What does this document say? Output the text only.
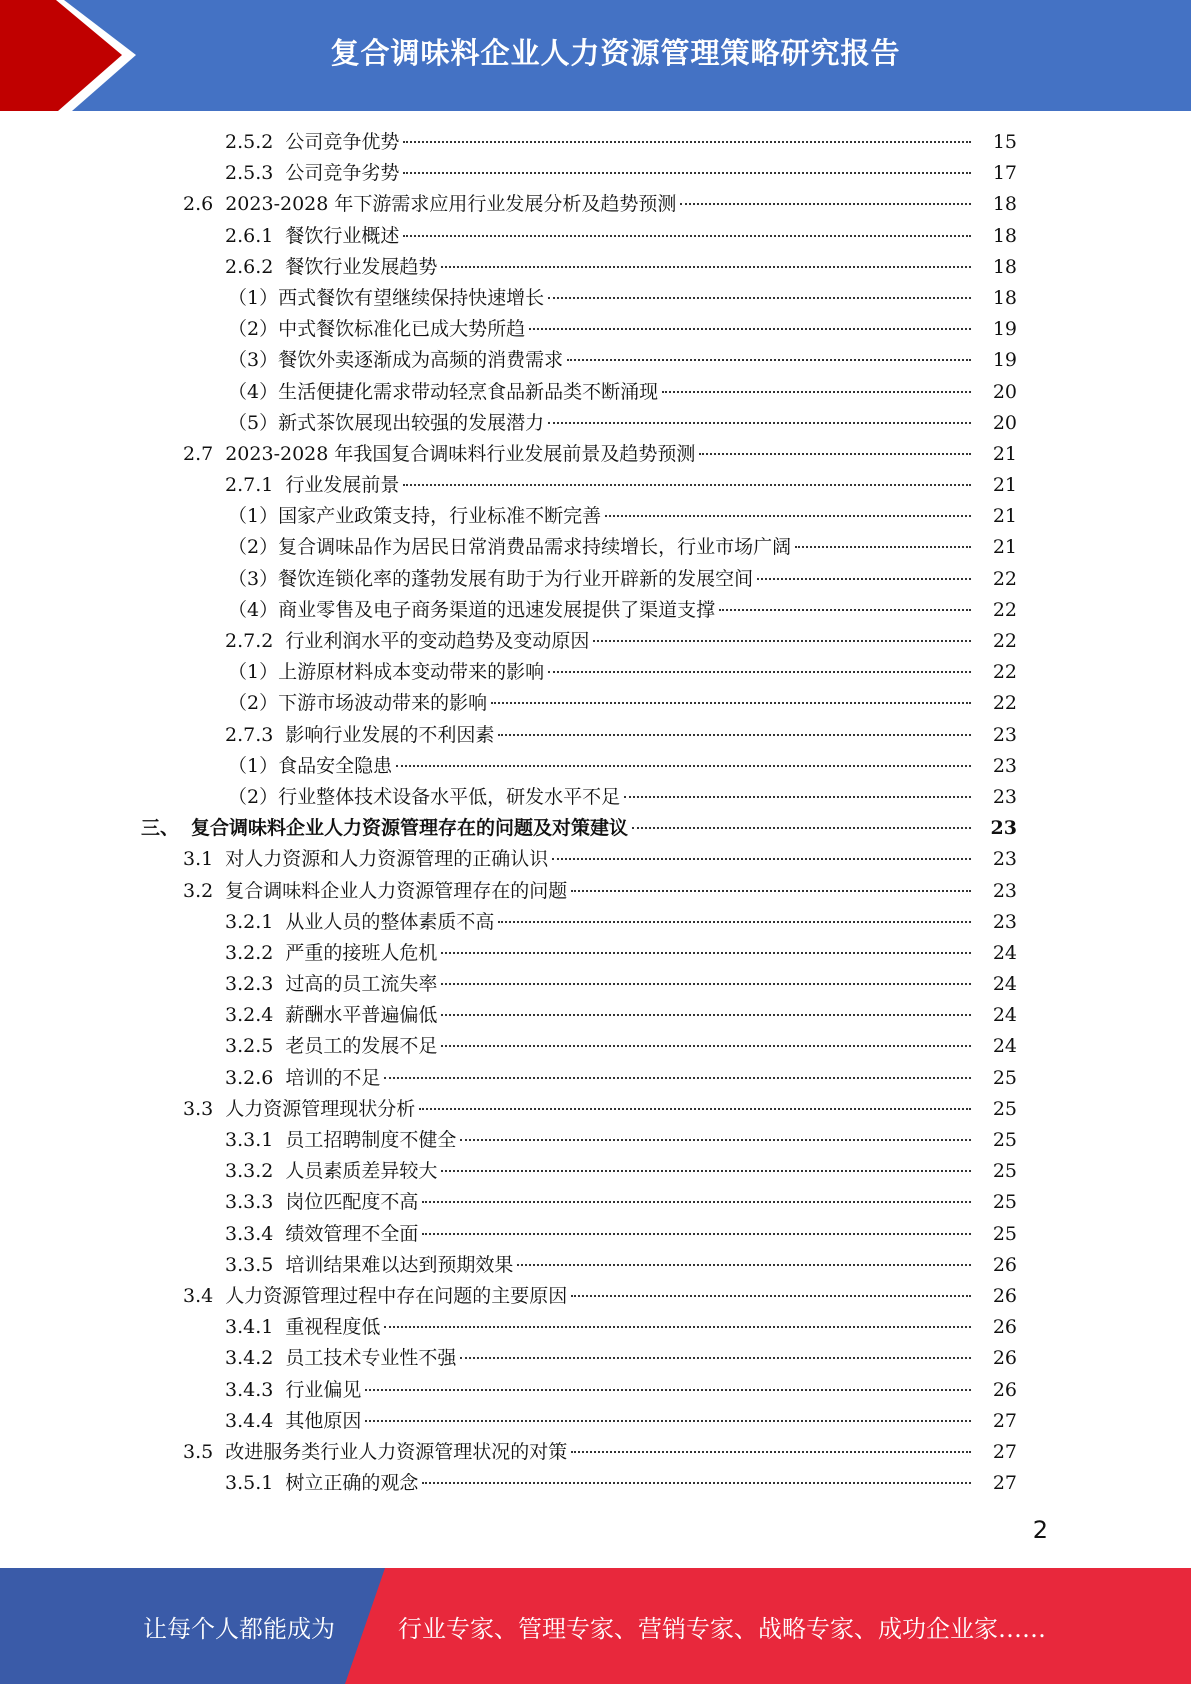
复合调味料企业人力资源管理策略研究报告
2.5.2 公司竞争优势	15
2.5.3 公司竞争劣势	17
2.6 2023-2028 年下游需求应用行业发展分析及趋势预测	18
2.6.1 餐饮行业概述	18
2.6.2 餐饮行业发展趋势	18
（1） 西式餐饮有望继续保持快速增长	18
（2） 中式餐饮标准化已成大势所趋	19
（3） 餐饮外卖逐渐成为高频的消费需求	19
（4） 生活便捷化需求带动轻烹食品新品类不断涌现	20
（5） 新式茶饮展现出较强的发展潜力	20
2.7 2023-2028 年我国复合调味料行业发展前景及趋势预测	21
2.7.1 行业发展前景	21
（1） 国家产业政策支持，行业标准不断完善	21
（2） 复合调味品作为居民日常消费品需求持续增长，行业市场广阔	21
（3） 餐饮连锁化率的蓬勃发展有助于为行业开辟新的发展空间	22
（4） 商业零售及电子商务渠道的迅速发展提供了渠道支撑	22
2.7.2 行业利润水平的变动趋势及变动原因	22
（1） 上游原材料成本变动带来的影响	22
（2） 下游市场波动带来的影响	22
2.7.3 影响行业发展的不利因素	23
（1） 食品安全隐患	23
（2） 行业整体技术设备水平低，研发水平不足	23
三、 复合调味料企业人力资源管理存在的问题及对策建议	23
3.1 对人力资源和人力资源管理的正确认识	23
3.2 复合调味料企业人力资源管理存在的问题	23
3.2.1 从业人员的整体素质不高	23
3.2.2 严重的接班人危机	24
3.2.3 过高的员工流失率	24
3.2.4 薪酬水平普遍偏低	24
3.2.5 老员工的发展不足	24
3.2.6 培训的不足	25
3.3 人力资源管理现状分析	25
3.3.1 员工招聘制度不健全	25
3.3.2 人员素质差异较大	25
3.3.3 岗位匹配度不高	25
3.3.4 绩效管理不全面	25
3.3.5 培训结果难以达到预期效果	26
3.4 人力资源管理过程中存在问题的主要原因	26
3.4.1 重视程度低	26
3.4.2 员工技术专业性不强	26
3.4.3 行业偏见	26
3.4.4 其他原因	27
3.5 改进服务类行业人力资源管理状况的对策	27
3.5.1 树立正确的观念	27
2
让每个人都能成为	行业专家、管理专家、营销专家、战略专家、成功企业家……
